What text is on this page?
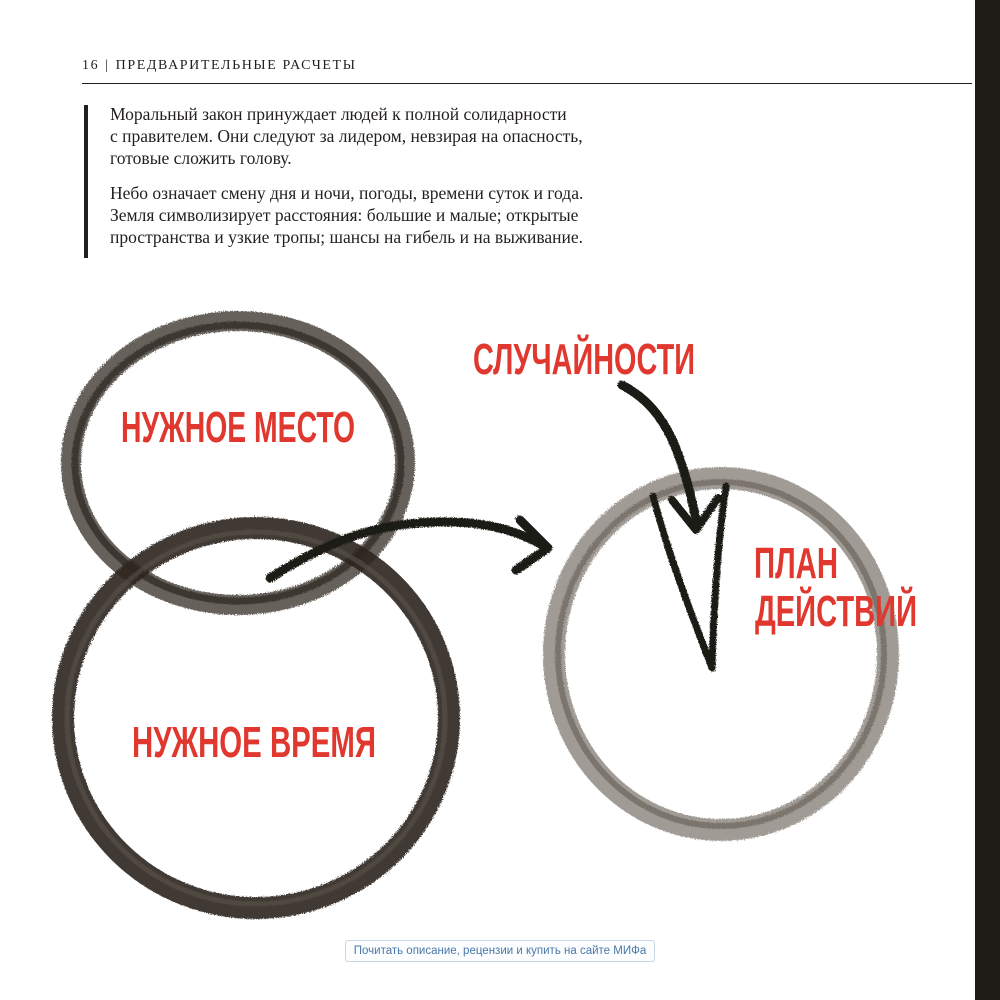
16 | ПРЕДВАРИТЕЛЬНЫЕ РАСЧЕТЫ

Моральный закон принуждает людей к полной солидарности
с правителем. Они следуют за лидером, невзирая на опасность,
готовые сложить голову.

Небо означает смену дня и ночи, погоды, времени суток и года.
Земля символизирует расстояния: большие и малые; открытые
пространства и узкие тропы; шансы на гибель и на выживание.

НУЖНОЕ МЕСТО
НУЖНОЕ ВРЕМЯ
СЛУЧАЙНОСТИ
ПЛАН
ДЕЙСТВИЙ
Почитать описание, рецензии и купить на сайте МИФа
